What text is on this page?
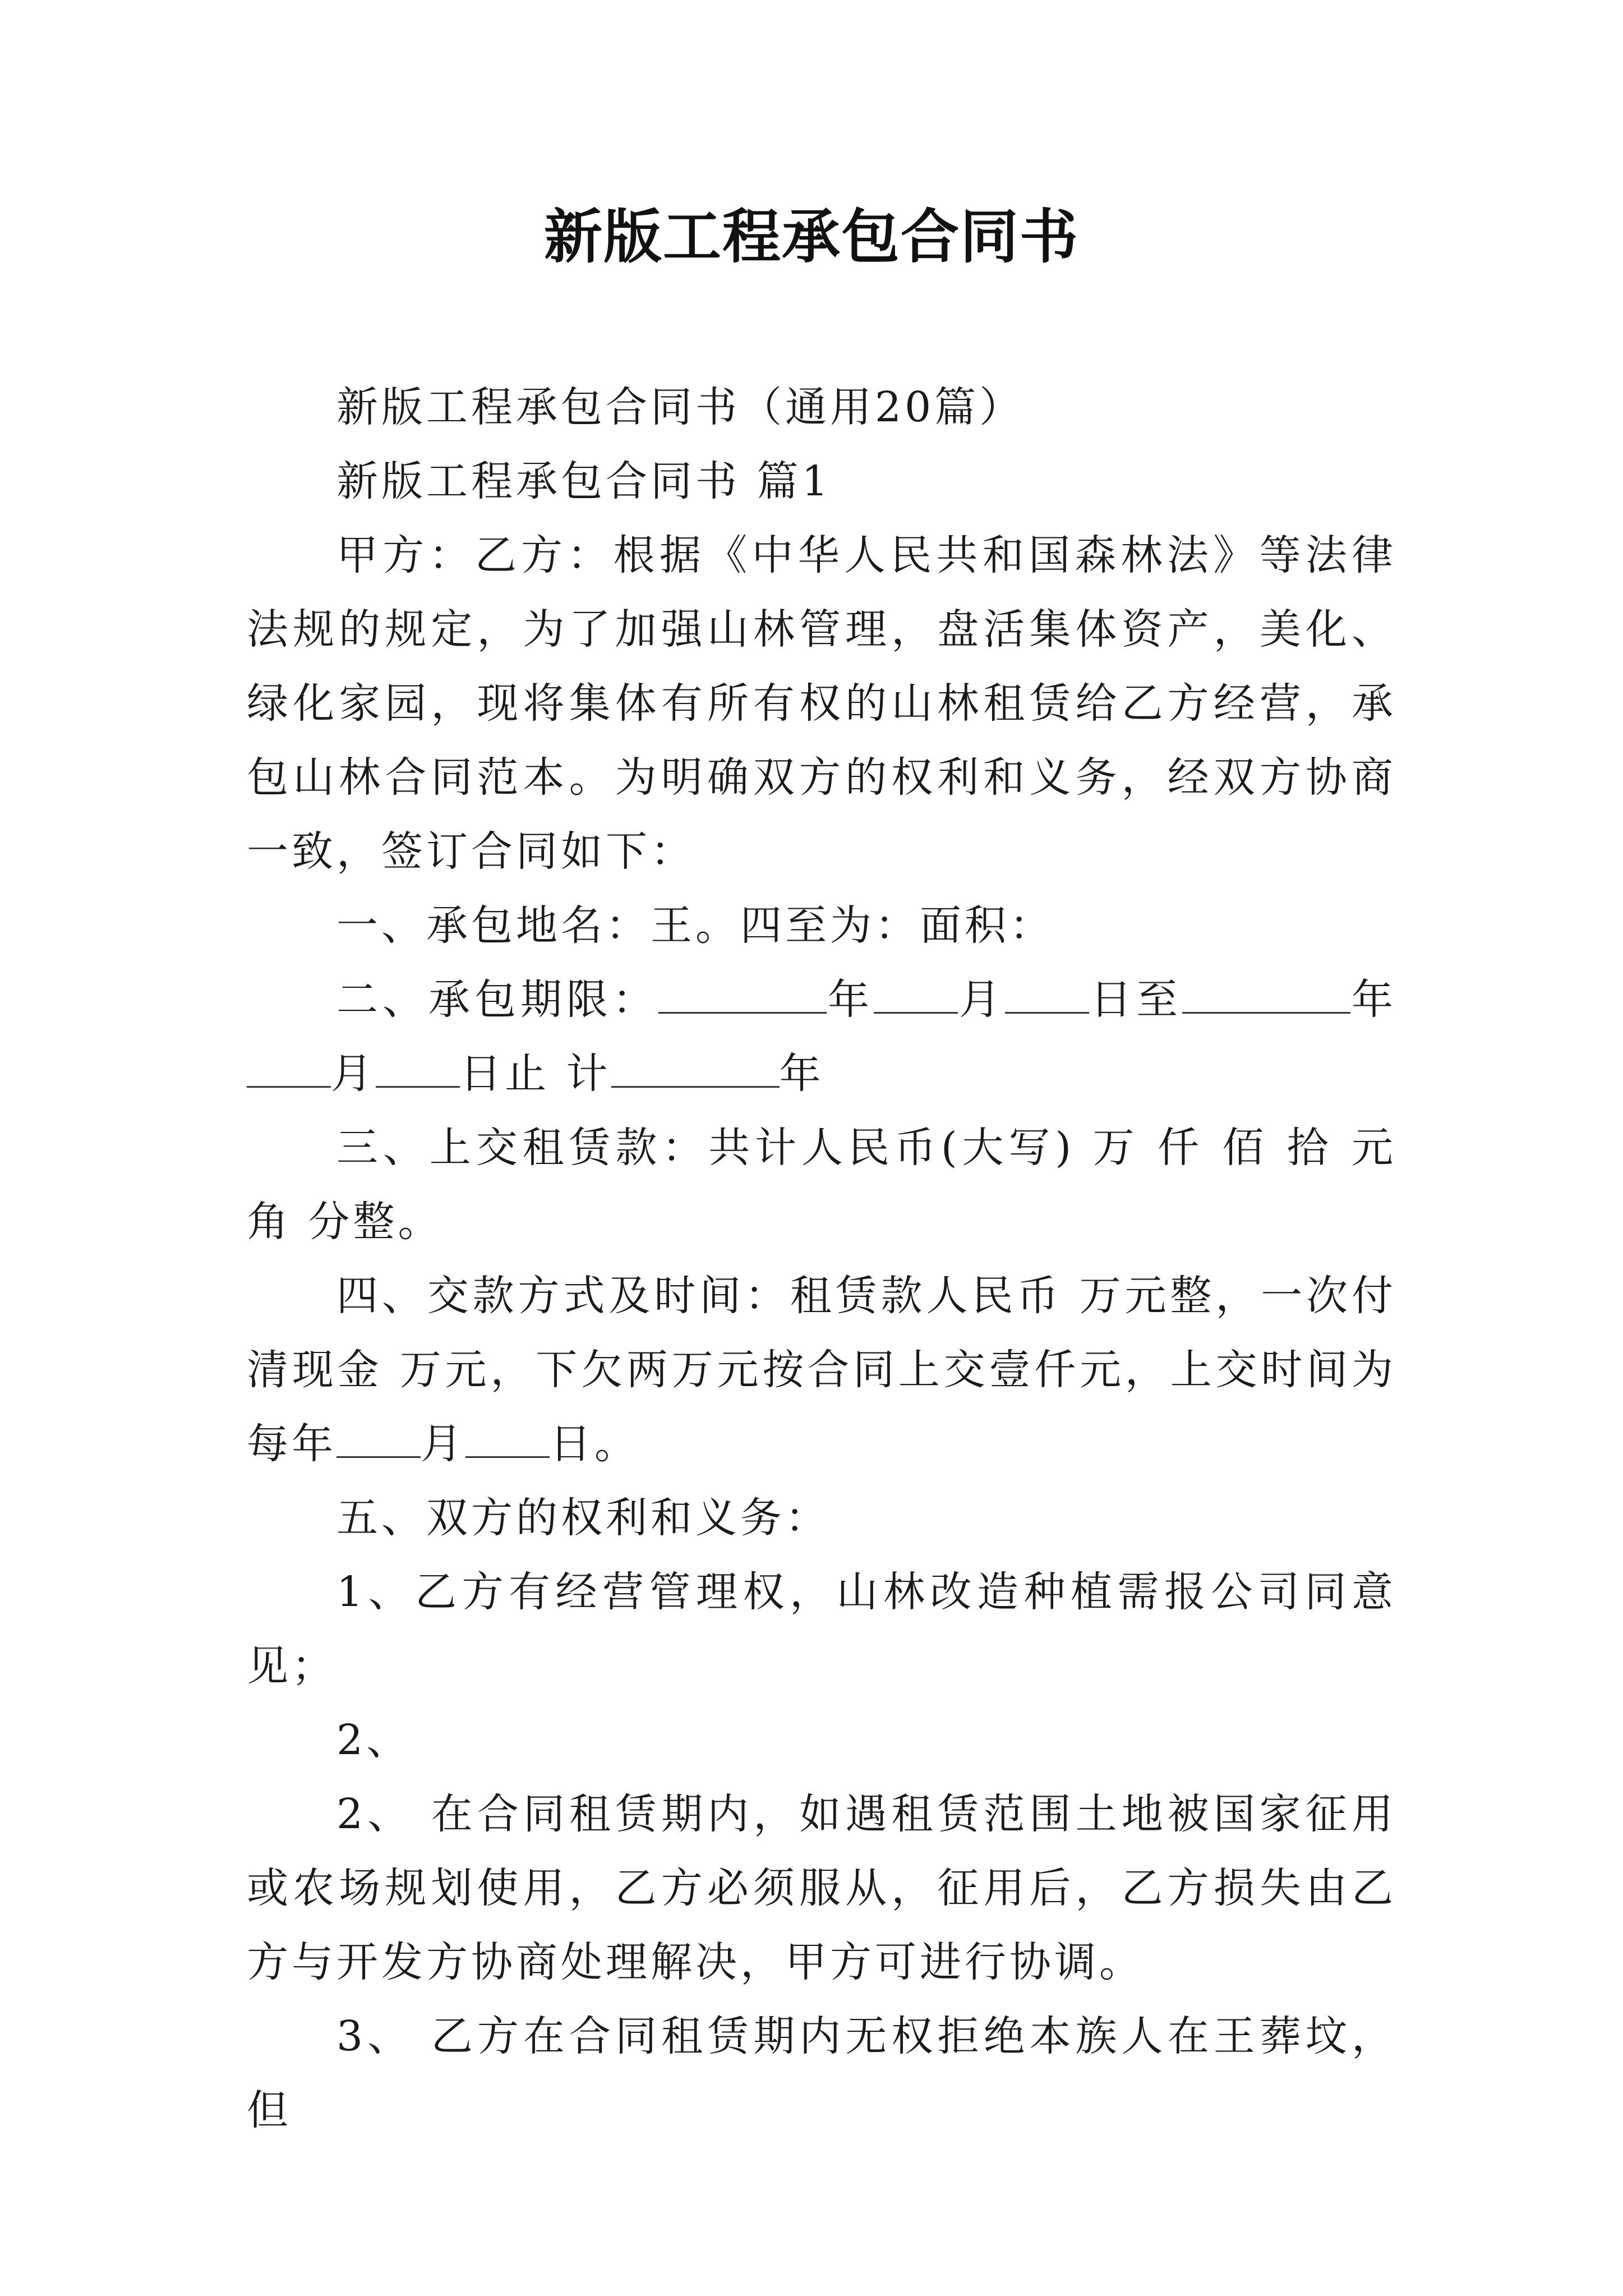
新版工程承包合同书

新版工程承包合同书（通用20篇）

新版工程承包合同书 篇1

甲方：乙方：根据《中华人民共和国森林法》等法律法规的规定，为了加强山林管理，盘活集体资产，美化、绿化家园，现将集体有所有权的山林租赁给乙方经营，承包山林合同范本。为明确双方的权利和义务，经双方协商一致，签订合同如下：

一、承包地名：王。四至为：面积：

二、承包期限：	年 月 日至	年月 日止 计	年

三、上交租赁款：共计人民币(大写) 万 仟 佰 拾 元 角 分整。

四、交款方式及时间：租赁款人民币 万元整，一次付清现金 万元，下欠两万元按合同上交壹仟元，上交时间为每年 月 日。

五、双方的权利和义务：

1、乙方有经营管理权，山林改造种植需报公司同意见；

2、

2、 在合同租赁期内，如遇租赁范围土地被国家征用或农场规划使用，乙方必须服从，征用后，乙方损失由乙方与开发方协商处理解决，甲方可进行协调。

3、 乙方在合同租赁期内无权拒绝本族人在王葬坟，但
